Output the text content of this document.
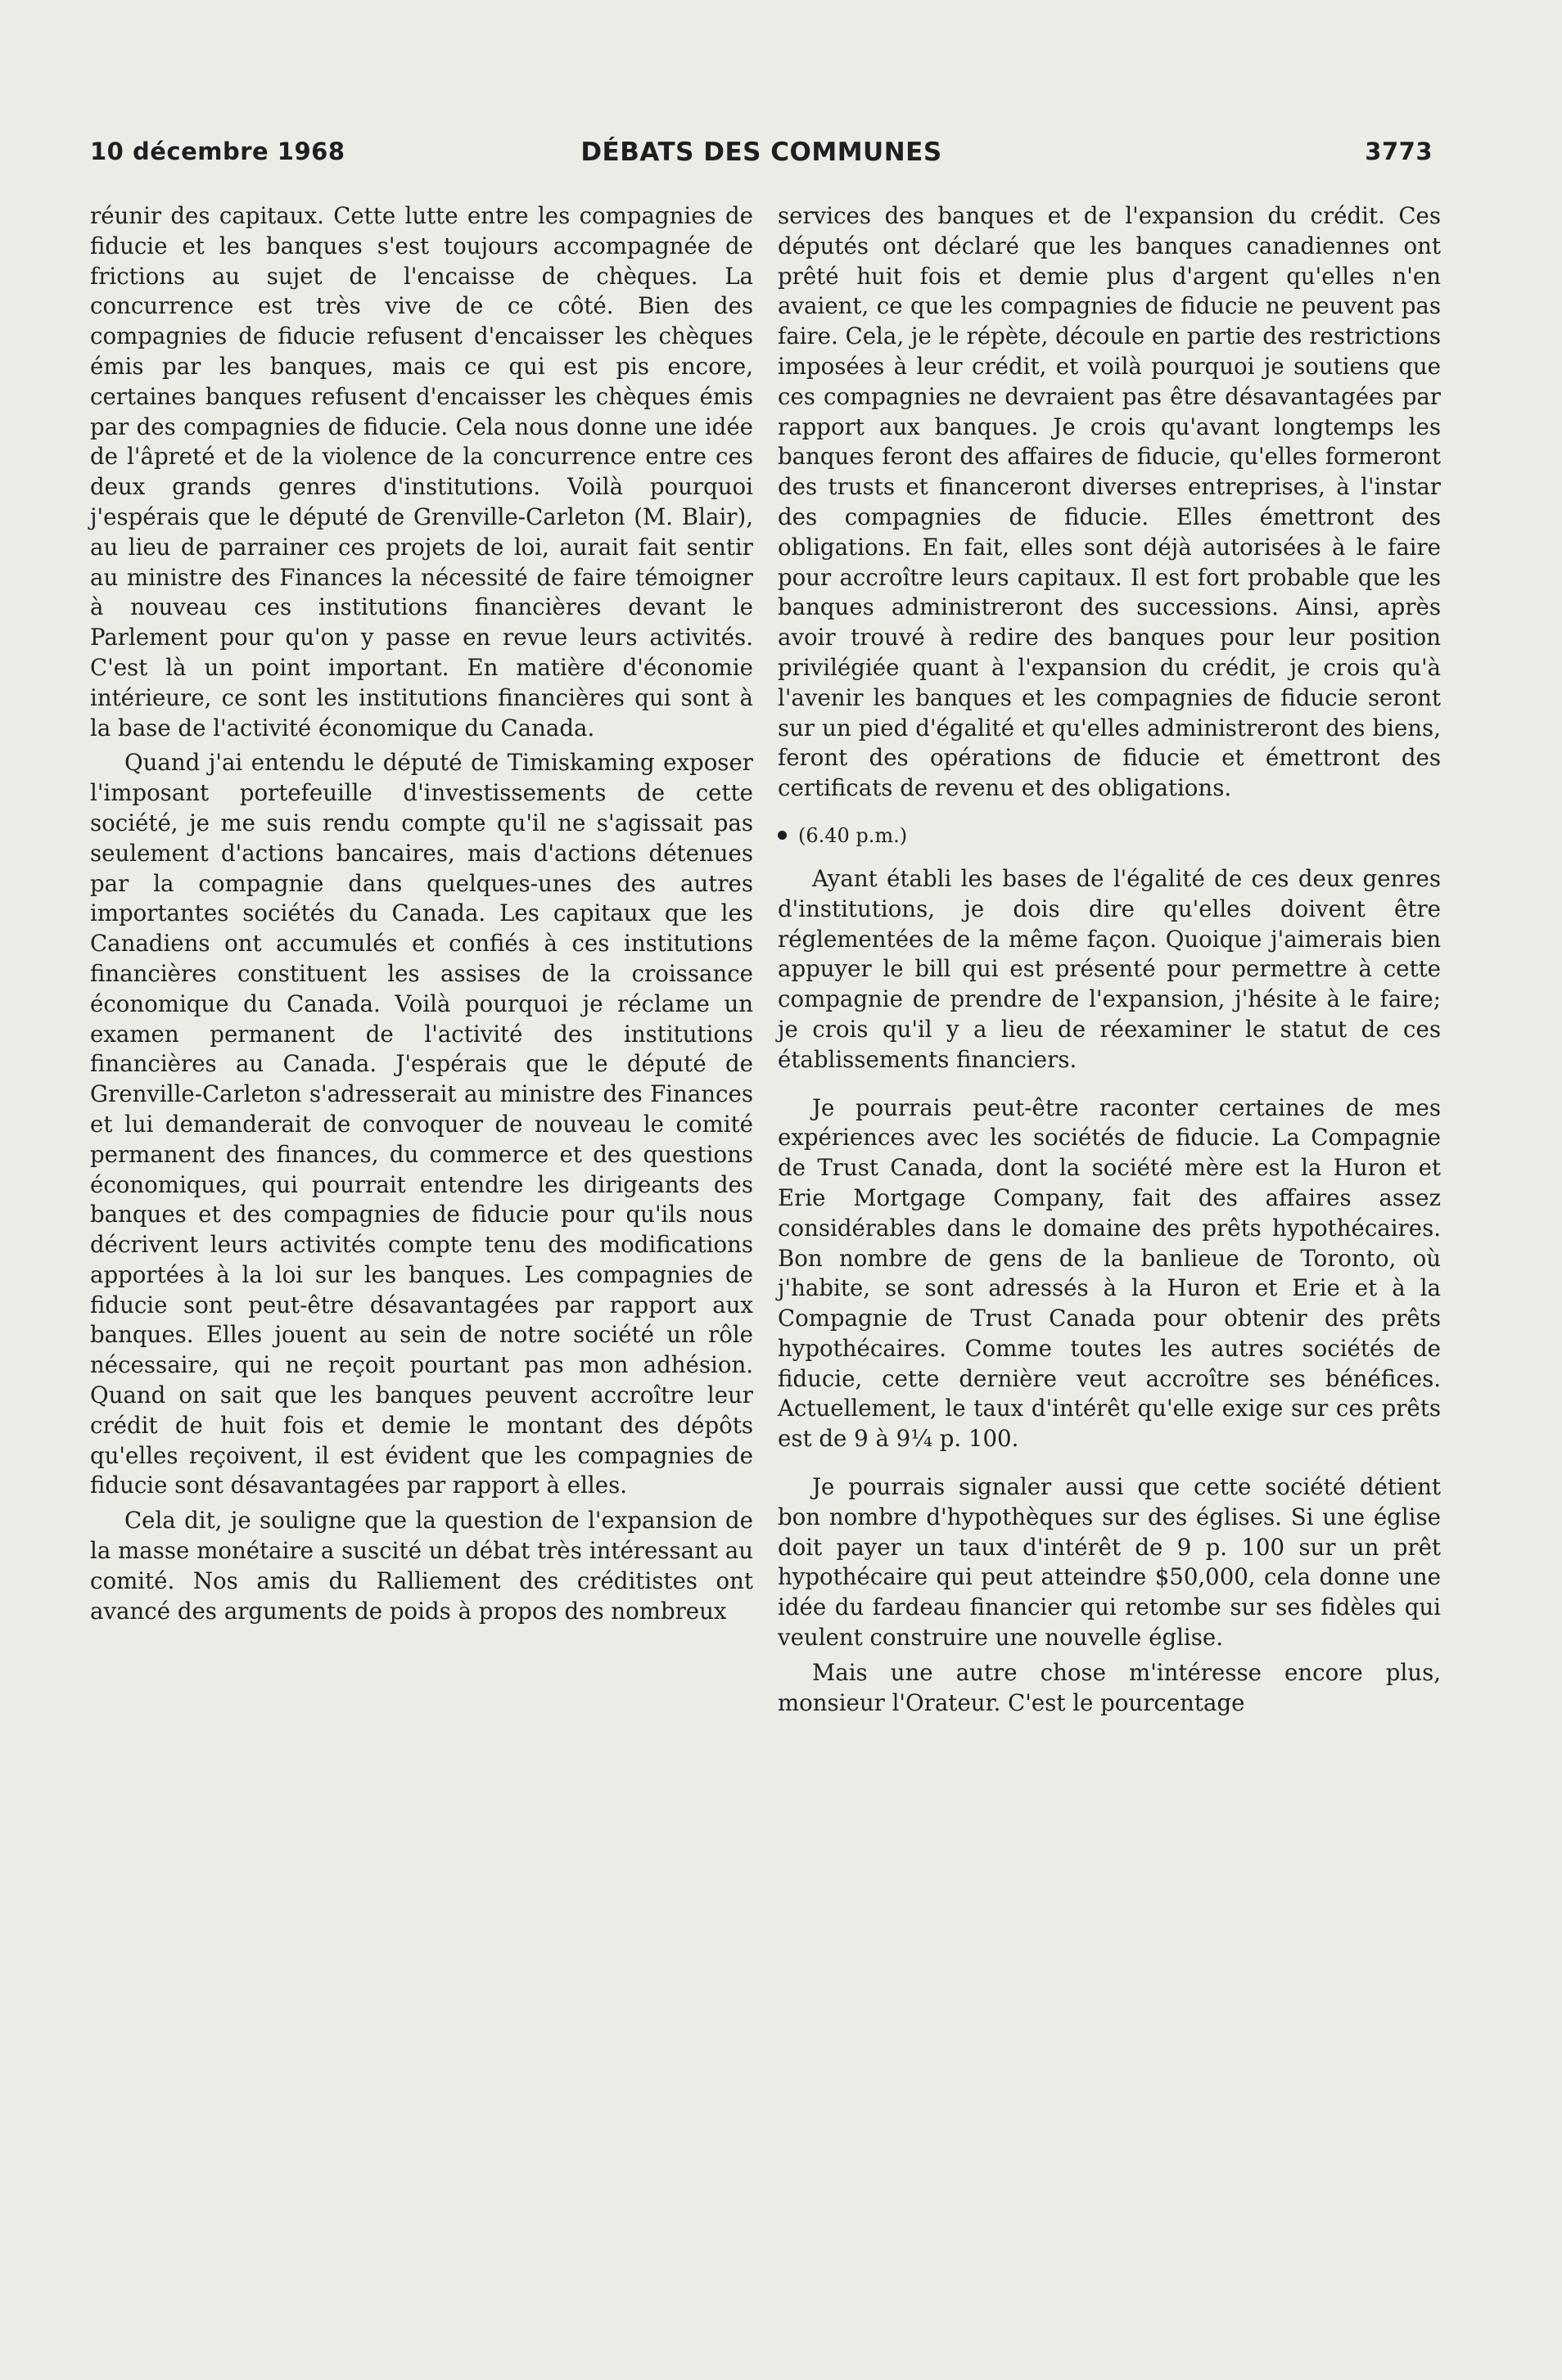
10 décembre 1968	DÉBATS DES COMMUNES	3773

réunir des capitaux. Cette lutte entre les compagnies de fiducie et les banques s'est toujours accompagnée de frictions au sujet de l'encaisse de chèques. La concurrence est très vive de ce côté. Bien des compagnies de fiducie refusent d'encaisser les chèques émis par les banques, mais ce qui est pis encore, certaines banques refusent d'encaisser les chèques émis par des compagnies de fiducie. Cela nous donne une idée de l'âpreté et de la violence de la concurrence entre ces deux grands genres d'institutions. Voilà pourquoi j'espérais que le député de Grenville-Carleton (M. Blair), au lieu de parrainer ces projets de loi, aurait fait sentir au ministre des Finances la nécessité de faire témoigner à nouveau ces institutions financières devant le Parlement pour qu'on y passe en revue leurs activités. C'est là un point important. En matière d'économie intérieure, ce sont les institutions financières qui sont à la base de l'activité économique du Canada.

Quand j'ai entendu le député de Timiskaming exposer l'imposant portefeuille d'investissements de cette société, je me suis rendu compte qu'il ne s'agissait pas seulement d'actions bancaires, mais d'actions détenues par la compagnie dans quelques-unes des autres importantes sociétés du Canada. Les capitaux que les Canadiens ont accumulés et confiés à ces institutions financières constituent les assises de la croissance économique du Canada. Voilà pourquoi je réclame un examen permanent de l'activité des institutions financières au Canada. J'espérais que le député de Grenville-Carleton s'adresserait au ministre des Finances et lui demanderait de convoquer de nouveau le comité permanent des finances, du commerce et des questions économiques, qui pourrait entendre les dirigeants des banques et des compagnies de fiducie pour qu'ils nous décrivent leurs activités compte tenu des modifications apportées à la loi sur les banques. Les compagnies de fiducie sont peut-être désavantagées par rapport aux banques. Elles jouent au sein de notre société un rôle nécessaire, qui ne reçoit pourtant pas mon adhésion. Quand on sait que les banques peuvent accroître leur crédit de huit fois et demie le montant des dépôts qu'elles reçoivent, il est évident que les compagnies de fiducie sont désavantagées par rapport à elles.

Cela dit, je souligne que la question de l'expansion de la masse monétaire a suscité un débat très intéressant au comité. Nos amis du Ralliement des créditistes ont avancé des arguments de poids à propos des nombreux

services des banques et de l'expansion du crédit. Ces députés ont déclaré que les banques canadiennes ont prêté huit fois et demie plus d'argent qu'elles n'en avaient, ce que les compagnies de fiducie ne peuvent pas faire. Cela, je le répète, découle en partie des restrictions imposées à leur crédit, et voilà pourquoi je soutiens que ces compagnies ne devraient pas être désavantagées par rapport aux banques. Je crois qu'avant longtemps les banques feront des affaires de fiducie, qu'elles formeront des trusts et financeront diverses entreprises, à l'instar des compagnies de fiducie. Elles émettront des obligations. En fait, elles sont déjà autorisées à le faire pour accroître leurs capitaux. Il est fort probable que les banques administreront des successions. Ainsi, après avoir trouvé à redire des banques pour leur position privilégiée quant à l'expansion du crédit, je crois qu'à l'avenir les banques et les compagnies de fiducie seront sur un pied d'égalité et qu'elles administreront des biens, feront des opérations de fiducie et émettront des certificats de revenu et des obligations.

(6.40 p.m.)

Ayant établi les bases de l'égalité de ces deux genres d'institutions, je dois dire qu'elles doivent être réglementées de la même façon. Quoique j'aimerais bien appuyer le bill qui est présenté pour permettre à cette compagnie de prendre de l'expansion, j'hésite à le faire; je crois qu'il y a lieu de réexaminer le statut de ces établissements financiers.

Je pourrais peut-être raconter certaines de mes expériences avec les sociétés de fiducie. La Compagnie de Trust Canada, dont la société mère est la Huron et Erie Mortgage Company, fait des affaires assez considérables dans le domaine des prêts hypothécaires. Bon nombre de gens de la banlieue de Toronto, où j'habite, se sont adressés à la Huron et Erie et à la Compagnie de Trust Canada pour obtenir des prêts hypothécaires. Comme toutes les autres sociétés de fiducie, cette dernière veut accroître ses bénéfices. Actuellement, le taux d'intérêt qu'elle exige sur ces prêts est de 9 à 9¼ p. 100.

Je pourrais signaler aussi que cette société détient bon nombre d'hypothèques sur des églises. Si une église doit payer un taux d'intérêt de 9 p. 100 sur un prêt hypothécaire qui peut atteindre $50,000, cela donne une idée du fardeau financier qui retombe sur ses fidèles qui veulent construire une nouvelle église.

Mais une autre chose m'intéresse encore plus, monsieur l'Orateur. C'est le pourcentage
